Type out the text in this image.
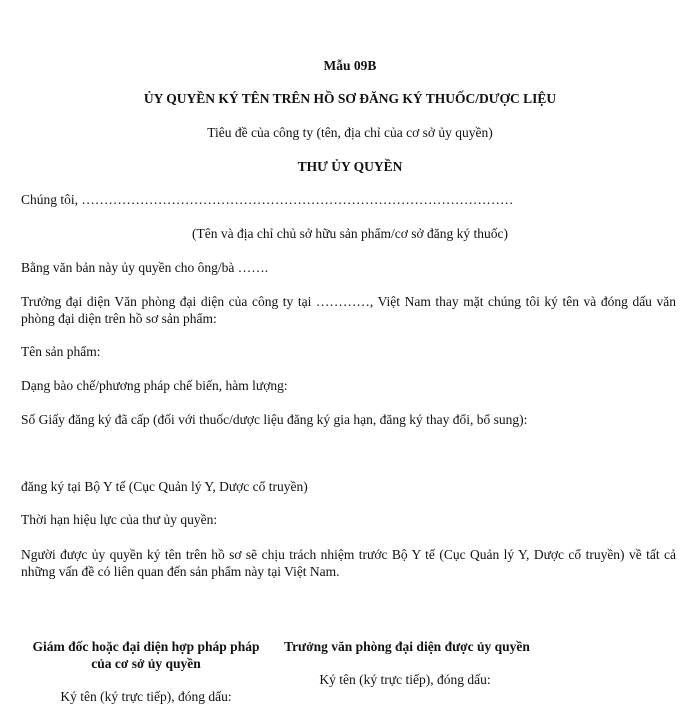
Mẫu 09B
ỦY QUYỀN KÝ TÊN TRÊN HỒ SƠ ĐĂNG KÝ THUỐC/DƯỢC LIỆU
Tiêu đề của công ty (tên, địa chỉ của cơ sở ủy quyền)
THƯ ỦY QUYỀN
Chúng tôi, ……………………………………………………………………………………
(Tên và địa chỉ chủ sở hữu sản phẩm/cơ sở đăng ký thuốc)
Bằng văn bản này ủy quyền cho ông/bà …….
Trưởng đại diện Văn phòng đại diện của công ty tại …………, Việt Nam thay mặt chúng tôi ký tên và đóng dấu văn phòng đại diện trên hồ sơ sản phẩm:
Tên sản phẩm:
Dạng bào chế/phương pháp chế biến, hàm lượng:
Số Giấy đăng ký đã cấp (đối với thuốc/dược liệu đăng ký gia hạn, đăng ký thay đổi, bổ sung):
đăng ký tại Bộ Y tế (Cục Quản lý Y, Dược cổ truyền)
Thời hạn hiệu lực của thư ủy quyền:
Người được ủy quyền ký tên trên hồ sơ sẽ chịu trách nhiệm trước Bộ Y tế (Cục Quản lý Y, Dược cổ truyền) về tất cả những vấn đề có liên quan đến sản phẩm này tại Việt Nam.
Giám đốc hoặc đại diện hợp pháp pháp
của cơ sở ủy quyền
Ký tên (ký trực tiếp), đóng dấu:
Trưởng văn phòng đại diện được ủy quyền
Ký tên (ký trực tiếp), đóng dấu:
